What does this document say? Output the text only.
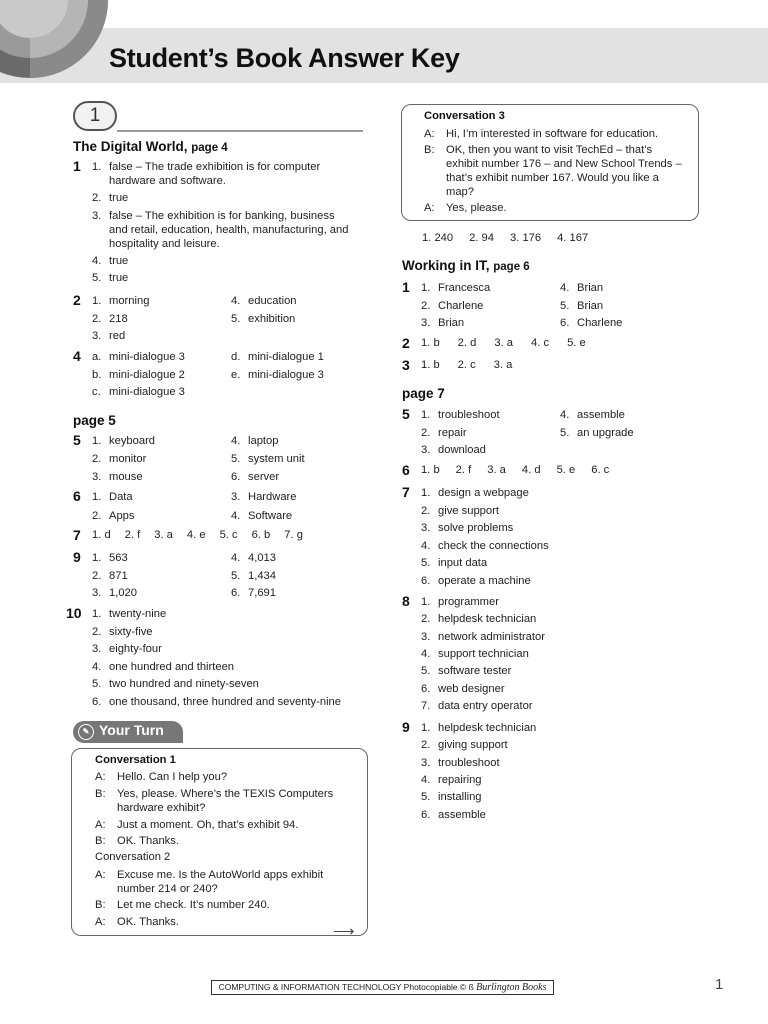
Student’s Book Answer Key
1
The Digital World, page 4
1 1. false – The trade exhibition is for computer
hardware and software.
2. true
3. false – The exhibition is for banking, business
and retail, education, health, manufacturing, and
hospitality and leisure.
4. true
5. true
2 1. morning
2. 218
3. red
4. education
5. exhibition
4 a. mini-dialogue 3
b. mini-dialogue 2
c. mini-dialogue 3
d. mini-dialogue 1
e. mini-dialogue 3
page 5
5 1. keyboard
2. monitor
3. mouse
4. laptop
5. system unit
6. server
6 1. Data
2. Apps
3. Hardware
4. Software
7 1. d 2. f 3. a 4. e 5. c 6. b 7. g
9 1. 563
2. 871
3. 1,020
4. 4,013
5. 1,434
6. 7,691
10 1. twenty-nine
2. sixty-five
3. eighty-four
4. one hundred and thirteen
5. two hundred and ninety-seven
6. one thousand, three hundred and seventy-nine
Conversation 1
A: Hello. Can I help you?
B: Yes, please. Where’s the TEXIS Computers
hardware exhibit?
A: Just a moment. Oh, that’s exhibit 94.
B: OK. Thanks.
Conversation 2
A: Excuse me. Is the AutoWorld apps exhibit
number 214 or 240?
B: Let me check. It’s number 240.
A: OK. Thanks.
✎ Your Turn
⟶
Conversation 3
A: Hi, I’m interested in software for education.
B: OK, then you want to visit TechEd – that’s
exhibit number 176 – and New School Trends –
that’s exhibit number 167. Would you like a
map?
A: Yes, please.
1. 240 2. 94 3. 176 4. 167
Working in IT, page 6
1 1. Francesca
2. Charlene
3. Brian
4. Brian
5. Brian
6. Charlene
2 1. b 2. d 3. a 4. c 5. e
3 1. b 2. c 3. a
page 7
5 1. troubleshoot
2. repair
3. download
4. assemble
5. an upgrade
6 1. b 2. f 3. a 4. d 5. e 6. c
7 1. design a webpage
2. give support
3. solve problems
4. check the connections
5. input data
6. operate a machine
8 1. programmer
2. helpdesk technician
3. network administrator
4. support technician
5. software tester
6. web designer
7. data entry operator
9 1. helpdesk technician
2. giving support
3. troubleshoot
4. repairing
5. installing
6. assemble
COMPUTING & INFORMATION TECHNOLOGY Photocopiable © ß Burlington Books	1
